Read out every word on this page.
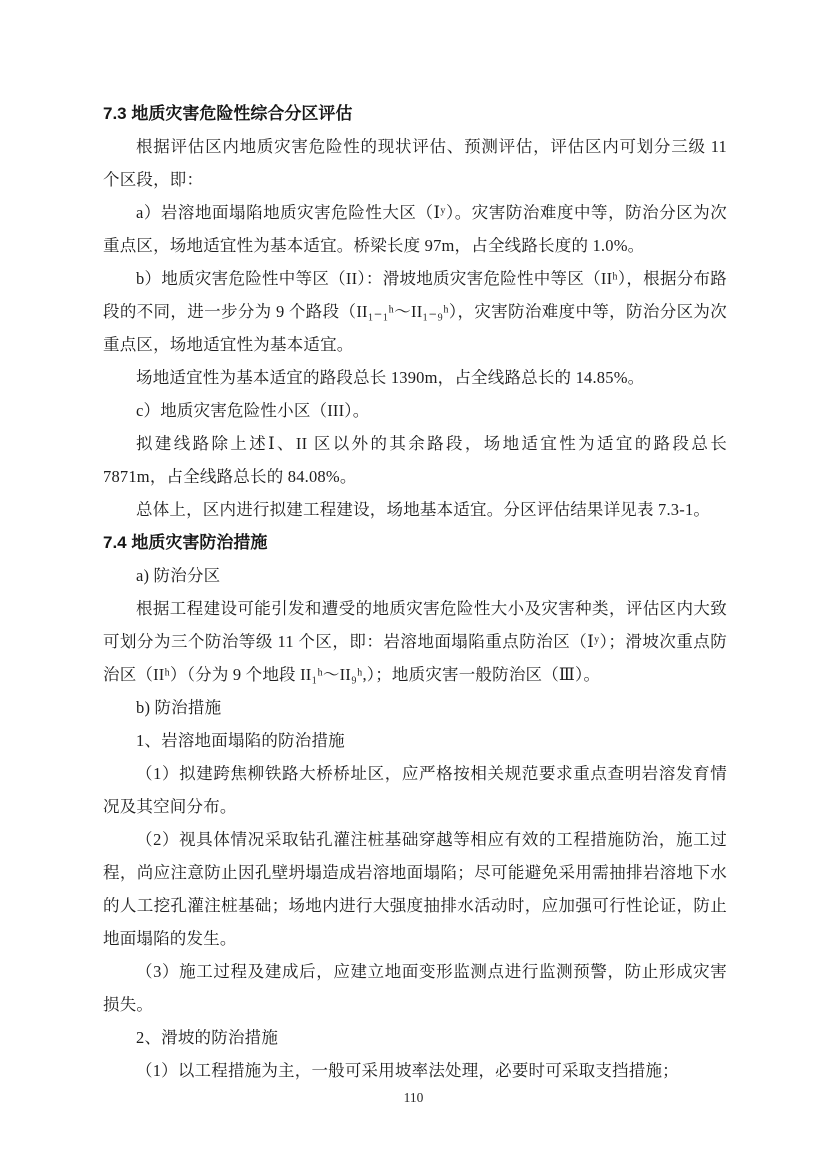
7.3 地质灾害危险性综合分区评估

根据评估区内地质灾害危险性的现状评估、预测评估，评估区内可划分三级 11 个区段，即：

a）岩溶地面塌陷地质灾害危险性大区（Ⅰʸ）。灾害防治难度中等，防治分区为次重点区，场地适宜性为基本适宜。桥梁长度 97m，占全线路长度的 1.0%。

b）地质灾害危险性中等区（II）：滑坡地质灾害危险性中等区（IIʰ），根据分布路段的不同，进一步分为 9 个路段（II₁₋₁ʰ～II₁₋₉ʰ），灾害防治难度中等，防治分区为次重点区，场地适宜性为基本适宜。

场地适宜性为基本适宜的路段总长 1390m，占全线路总长的 14.85%。

c）地质灾害危险性小区（III）。

拟建线路除上述Ⅰ、II 区以外的其余路段，场地适宜性为适宜的路段总长 7871m，占全线路总长的 84.08%。

总体上，区内进行拟建工程建设，场地基本适宜。分区评估结果详见表 7.3-1。

7.4 地质灾害防治措施

a) 防治分区

根据工程建设可能引发和遭受的地质灾害危险性大小及灾害种类，评估区内大致可划分为三个防治等级 11 个区，即：岩溶地面塌陷重点防治区（Ⅰʸ）；滑坡次重点防治区（IIʰ）（分为 9 个地段 II₁ʰ～II₉ʰ,）；地质灾害一般防治区（Ⅲ）。

b) 防治措施

1、岩溶地面塌陷的防治措施

（1）拟建跨焦柳铁路大桥桥址区，应严格按相关规范要求重点查明岩溶发育情况及其空间分布。

（2）视具体情况采取钻孔灌注桩基础穿越等相应有效的工程措施防治，施工过程，尚应注意防止因孔壁坍塌造成岩溶地面塌陷；尽可能避免采用需抽排岩溶地下水的人工挖孔灌注桩基础；场地内进行大强度抽排水活动时，应加强可行性论证，防止地面塌陷的发生。

（3）施工过程及建成后，应建立地面变形监测点进行监测预警，防止形成灾害损失。

2、滑坡的防治措施

（1）以工程措施为主，一般可采用坡率法处理，必要时可采取支挡措施；

110
